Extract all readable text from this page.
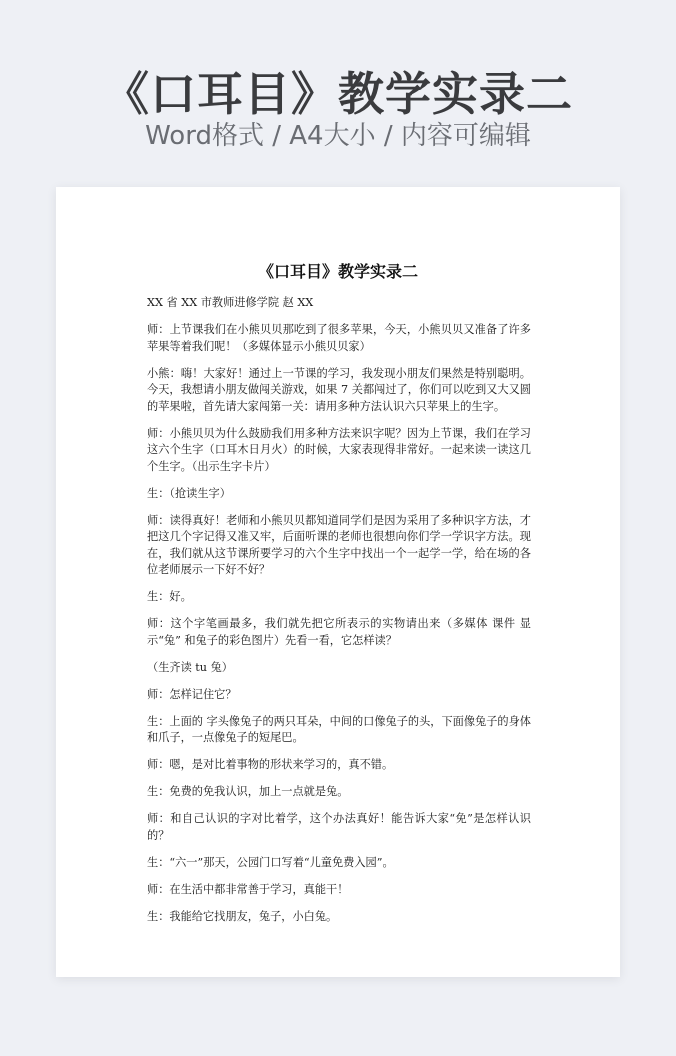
《口耳目》教学实录二
Word格式 / A4大小 / 内容可编辑
《口耳目》教学实录二

XX 省 XX 市教师进修学院 赵 XX

师：上节课我们在小熊贝贝那吃到了很多苹果，今天，小熊贝贝又准备了许多苹果等着我们呢！（多媒体显示小熊贝贝家）

小熊：嗨！大家好！通过上一节课的学习，我发现小朋友们果然是特别聪明。今天，我想请小朋友做闯关游戏，如果 7 关都闯过了，你们可以吃到又大又圆的苹果啦，首先请大家闯第一关：请用多种方法认识六只苹果上的生字。

师：小熊贝贝为什么鼓励我们用多种方法来识字呢？因为上节课，我们在学习这六个生字（口耳木日月火）的时候，大家表现得非常好。一起来读一读这几个生字。（出示生字卡片）

生：（抢读生字）

师：读得真好！老师和小熊贝贝都知道同学们是因为采用了多种识字方法，才把这几个字记得又准又牢，后面听课的老师也很想向你们学一学识字方法。现在，我们就从这节课所要学习的六个生字中找出一个一起学一学，给在场的各位老师展示一下好不好？

生：好。

师：这个字笔画最多，我们就先把它所表示的实物请出来（多媒体 课件 显示“兔” 和兔子的彩色图片）先看一看，它怎样读？

（生齐读 tu 兔）

师：怎样记住它？

生：上面的 字头像兔子的两只耳朵，中间的口像兔子的头，下面像兔子的身体和爪子，一点像兔子的短尾巴。

师：嗯，是对比着事物的形状来学习的，真不错。

生：免费的免我认识，加上一点就是兔。

师：和自己认识的字对比着学，这个办法真好！能告诉大家“免”是怎样认识的？

生：“六一”那天，公园门口写着“儿童免费入园”。

师：在生活中都非常善于学习，真能干！

生：我能给它找朋友，兔子，小白兔。
